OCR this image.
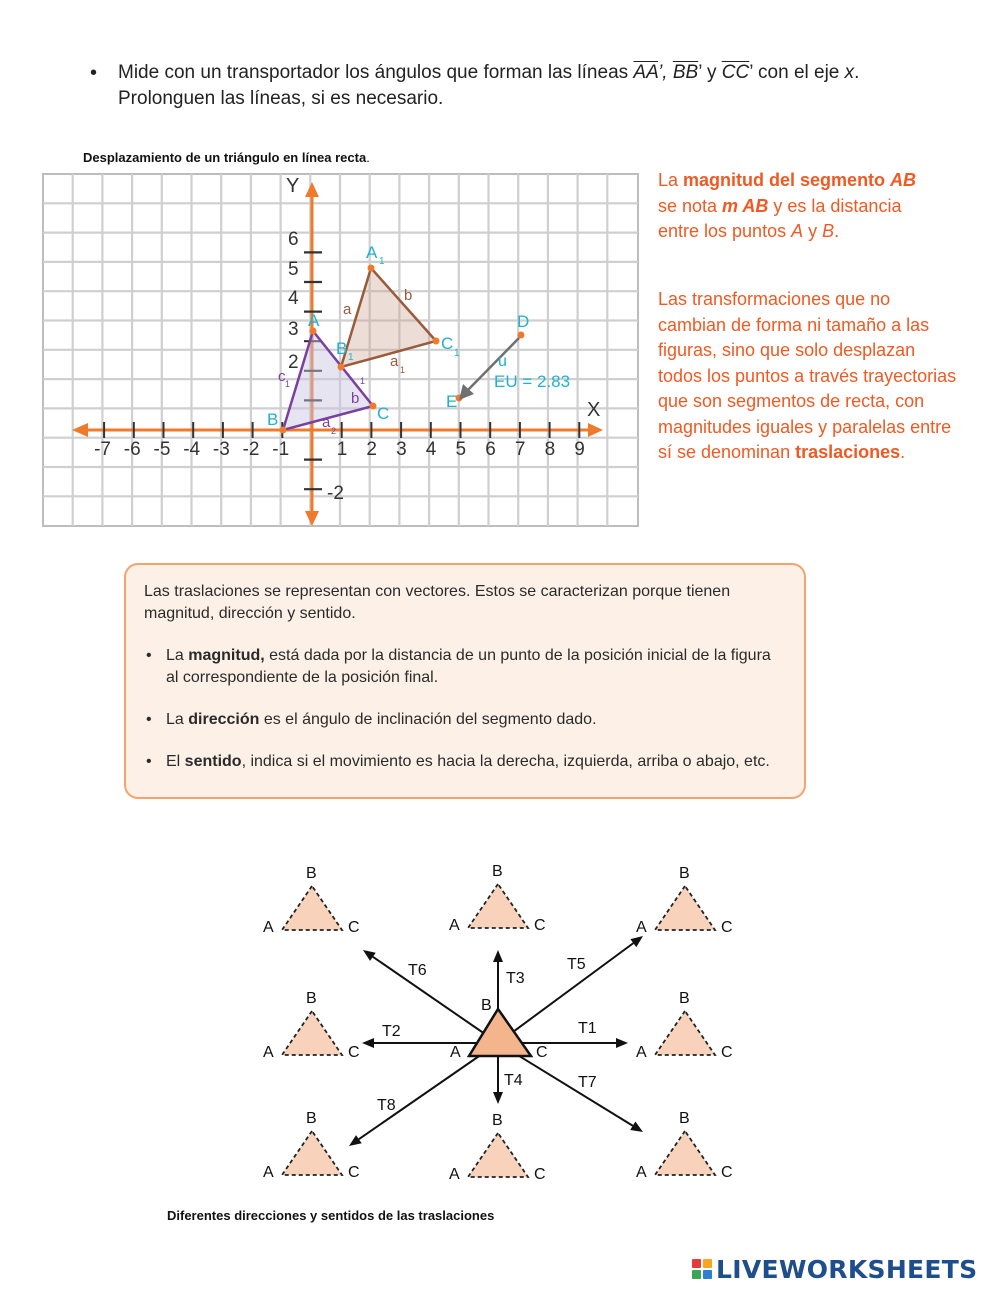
• Mide con un transportador los ángulos que forman las líneas $\overline{AA}$’, $\overline{BB}$’ y $\overline{CC}$’ con el eje x.
Prolonguen las líneas, si es necesario.
Desplazamiento de un triángulo en línea recta.
X
Y
-7 -6 -5 -4 -3 -2 -1 1 2 3 4 5 6 7 8 9
6
5
4
3
2
-2
A
B	C
A 1
B 1
C
1
D
E
u
EU = 2.83
a
b
a 1
b
1
c 1
a 2
La magnitud del segmento AB
se nota m AB y es la distancia
entre los puntos A y B.
Las transformaciones que no cambian de forma ni tamaño a las figuras, sino que solo desplazan todos los puntos a través trayectorias que son segmentos de recta, con magnitudes iguales y paralelas entre sí se denominan traslaciones.

Las traslaciones se representan con vectores. Estos se caracterizan porque tienen magnitud, dirección y sentido.

• La magnitud, está dada por la distancia de un punto de la posición inicial de la figura al correspondiente de la posición final.
• La dirección es el ángulo de inclinación del segmento dado.
• El sentido, indica si el movimiento es hacia la derecha, izquierda, arriba o abajo, etc.
B
A	C
B
A	C
B
A	C
B
A	C
B
A	C
B
A	C
B
A	C
B
A	C
B
A	C
T1
T2
T3
T4
T5
T6
T7
T8
Diferentes direcciones y sentidos de las traslaciones
LIVEWORKSHEETS
